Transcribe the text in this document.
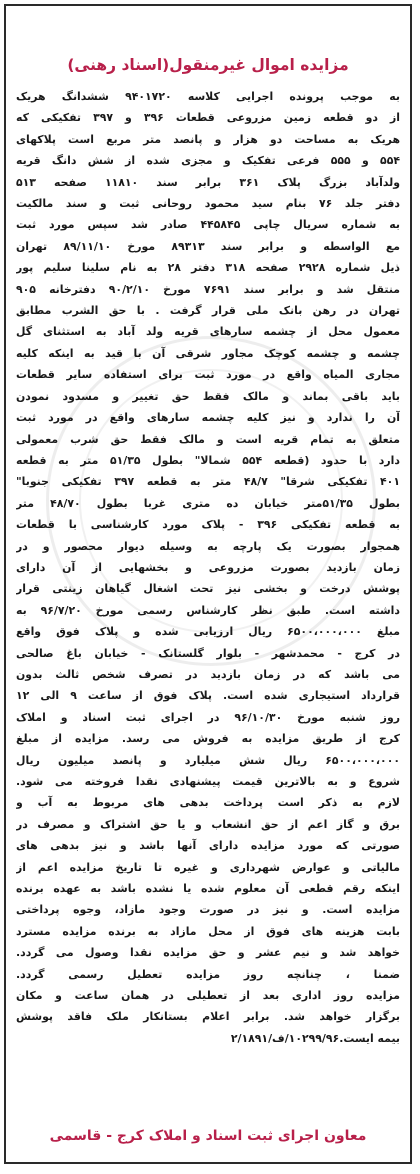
مزایده اموال غیرمنقول(اسناد رهنی)
به موجب پرونده اجرایی کلاسه ۹۴۰۱۷۲۰ ششدانگ هریک
از دو قطعه زمین مزروعی قطعات ۳۹۶ و ۳۹۷ تفکیکی که
هریک به مساحت دو هزار و پانصد متر مربع است پلاکهای
۵۵۴ و ۵۵۵ فرعی تفکیک و مجزی شده از شش دانگ قریه
ولدآباد بزرگ پلاک ۳۶۱ برابر سند ۱۱۸۱۰ صفحه ۵۱۳
دفتر جلد ۷۶ بنام سید محمود روحانی ثبت و سند مالکیت
به شماره سریال چاپی ۴۴۵۸۴۵ صادر شد سپس مورد ثبت
مع الواسطه و برابر سند ۸۹۳۱۳ مورخ ۸۹/۱۱/۱۰ تهران
ذیل شماره ۲۹۲۸ صفحه ۳۱۸ دفتر ۲۸ به نام سلینا سلیم پور
منتقل شد و برابر سند ۷۶۹۱ مورخ ۹۰/۲/۱۰ دفترخانه ۹۰۵
تهران در رهن بانک ملی قرار گرفت . با حق الشرب مطابق
معمول محل از چشمه سارهای قریه ولد آباد به استثنای گل
چشمه و چشمه کوچک مجاور شرقی آن با قید به اینکه کلیه
مجاری المیاه واقع در مورد ثبت برای استفاده سایر قطعات
باید باقی بماند و مالک فقط حق تغییر و مسدود نمودن
آن را ندارد و نیز کلیه چشمه سارهای واقع در مورد ثبت
متعلق به تمام قریه است و مالک فقط حق شرب معمولی
دارد با حدود (قطعه ۵۵۴ شمالا" بطول ۵۱/۳۵ متر به قطعه
۴۰۱ تفکیکی شرقا" ۴۸/۷ متر به قطعه ۳۹۷ تفکیکی جنوبا"
بطول ۵۱/۳۵متر خیابان ده متری غربا بطول ۴۸/۷۰ متر
به قطعه تفکیکی ۳۹۶ - پلاک مورد کارشناسی با قطعات
همجوار بصورت یک پارچه به وسیله دیوار محصور و در
زمان بازدید بصورت مزروعی و بخشهایی از آن دارای
پوشش درخت و بخشی نیز تحت اشغال گیاهان زینتی قرار
داشته است. طبق نظر کارشناس رسمی مورخ ۹۶/۷/۲۰ به
مبلغ ۶۵۰۰،۰۰۰،۰۰۰ ریال ارزیابی شده و پلاک فوق واقع
در کرج - محمدشهر - بلوار گلستانک - خیابان باغ صالحی
می باشد که در زمان بازدید در تصرف شخص ثالث بدون
قرارداد استیجاری شده است. پلاک فوق از ساعت ۹ الی ۱۲
روز شنبه مورخ ۹۶/۱۰/۳۰ در اجرای ثبت اسناد و املاک
کرج از طریق مزایده به فروش می رسد. مزایده از مبلغ
۶۵۰۰،۰۰۰،۰۰۰ ریال شش میلیارد و پانصد میلیون ریال
شروع و به بالاترین قیمت پیشنهادی نقدا فروخته می شود.
لازم به ذکر است پرداخت بدهی های مربوط به آب و
برق و گاز اعم از حق انشعاب و یا حق اشتراک و مصرف در
صورتی که مورد مزایده دارای آنها باشد و نیز بدهی های
مالیاتی و عوارض شهرداری و غیره تا تاریخ مزایده اعم از
اینکه رقم قطعی آن معلوم شده یا نشده باشد به عهده برنده
مزایده است. و نیز در صورت وجود مازاد، وجوه پرداختی
بابت هزینه های فوق از محل مازاد به برنده مزایده مسترد
خواهد شد و نیم عشر و حق مزایده نقدا وصول می گردد.
ضمنا ، چنانچه روز مزایده تعطیل رسمی گردد.
مزایده روز اداری بعد از تعطیلی در همان ساعت و مکان
برگزار خواهد شد. برابر اعلام بستانکار ملک فاقد پوشش
بیمه ایست.۱۰۲۹۹/۹۶/ف/۲/۱۸۹۱

معاون اجرای ثبت اسناد و املاک کرج - قاسمی
